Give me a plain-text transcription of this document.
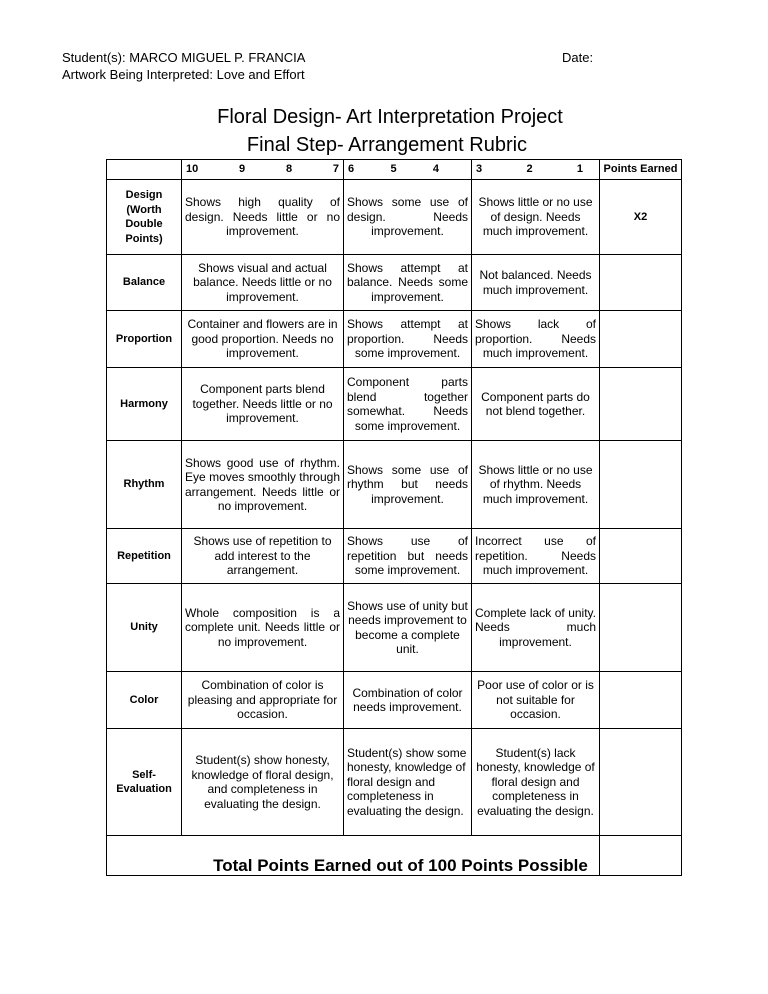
Student(s): MARCO MIGUEL P. FRANCIA
Artwork Being Interpreted: Love and Effort
Date:
Floral Design- Art Interpretation Project
Final Step- Arrangement Rubric

	10 9 8 7	6 5 4	3 2 1	Points Earned
Design (Worth Double Points)	Shows high quality of design. Needs little or no improvement.	Shows some use of design. Needs improvement.	Shows little or no use of design. Needs much improvement.	X2
Balance	Shows visual and actual balance. Needs little or no improvement.	Shows attempt at balance. Needs some improvement.	Not balanced. Needs much improvement.	
Proportion	Container and flowers are in good proportion. Needs no improvement.	Shows attempt at proportion. Needs some improvement.	Shows lack of proportion. Needs much improvement.	
Harmony	Component parts blend together. Needs little or no improvement.	Component parts blend together somewhat. Needs some improvement.	Component parts do not blend together.	
Rhythm	Shows good use of rhythm. Eye moves smoothly through arrangement. Needs little or no improvement.	Shows some use of rhythm but needs improvement.	Shows little or no use of rhythm. Needs much improvement.	
Repetition	Shows use of repetition to add interest to the arrangement.	Shows use of repetition but needs some improvement.	Incorrect use of repetition. Needs much improvement.	
Unity	Whole composition is a complete unit. Needs little or no improvement.	Shows use of unity but needs improvement to become a complete unit.	Complete lack of unity. Needs much improvement.	
Color	Combination of color is pleasing and appropriate for occasion.	Combination of color needs improvement.	Poor use of color or is not suitable for occasion.	
Self-Evaluation	Student(s) show honesty, knowledge of floral design, and completeness in evaluating the design.	Student(s) show some honesty, knowledge of floral design and completeness in evaluating the design.	Student(s) lack honesty, knowledge of floral design and completeness in evaluating the design.	
Total Points Earned out of 100 Points Possible				
